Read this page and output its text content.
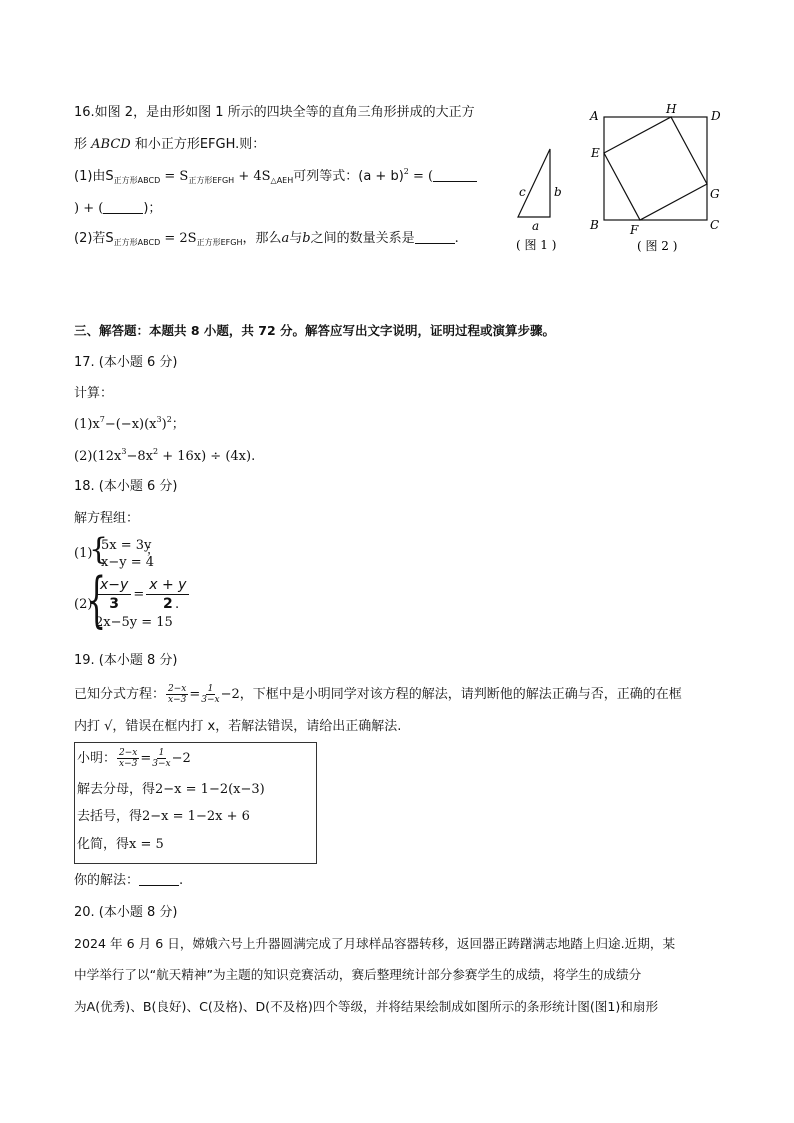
16.如图 2，是由形如图 1 所示的四块全等的直角三角形拼成的大正方
形 ABCD 和小正方形EFGH.则：
(1)由$S_{正方形ABCD} = S_{正方形EFGH} + 4S_{\triangle AEH}$可列等式：$(a + b)^2$ = (
) + (	)；
(2)若$S_{正方形ABCD} = 2S_{正方形EFGH}$，那么a与b之间的数量关系是	.
c b
a
( 图 1 )
A	H	D
E
G
B	F	C
( 图 2 )
三、解答题：本题共 8 小题，共 72 分。解答应写出文字说明，证明过程或演算步骤。
17. (本小题 6 分)
计算：
$(1)x^7-(-x)(x^3)^2$；
$(2)(12x^3-8x^2 + 16x) \div (4x)$.
18. (本小题 6 分)
解方程组：
(1)
{
5x = 3y
x−y = 4
；
(2)
{
$\frac{x-y}{3} = \frac{x + y}{2}$
.
2x−5y = 15
19. (本小题 8 分)
已知分式方程： $\frac{2-x}{x-3} = \frac{1}{3-x} -2$，下框中是小明同学对该方程的解法，请判断他的解法正确与否，正确的在框
内打 √，错误在框内打 x，若解法错误，请给出正确解法.
小明： $\frac{2-x}{x-3} = \frac{1}{3-x} -2$
解去分母，得2−x = 1−2(x−3)
去括号，得2−x = 1−2x + 6
化简，得x = 5
你的解法：	.
20. (本小题 8 分)
2024 年 6 月 6 日，嫦娥六号上升器圆满完成了月球样品容器转移，返回器正踌躇满志地踏上归途.近期，某
中学举行了以“航天精神”为主题的知识竞赛活动，赛后整理统计部分参赛学生的成绩，将学生的成绩分
为A(优秀)、B(良好)、C(及格)、D(不及格)四个等级，并将结果绘制成如图所示的条形统计图(图1)和扇形
